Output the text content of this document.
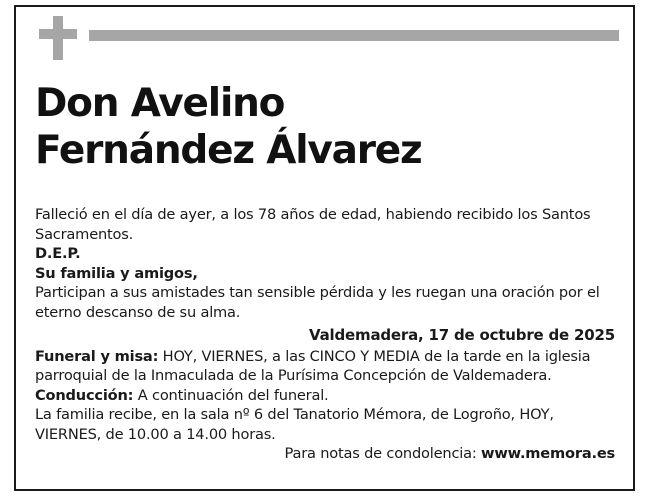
Don Avelino
Fernández Álvarez

Falleció en el día de ayer, a los 78 años de edad, habiendo recibido los Santos Sacramentos.

D.E.P.

Su familia y amigos,

Participan a sus amistades tan sensible pérdida y les ruegan una oración por el eterno descanso de su alma.

Valdemadera, 17 de octubre de 2025

Funeral y misa: HOY, VIERNES, a las CINCO Y MEDIA de la tarde en la iglesia parroquial de la Inmaculada de la Purísima Concepción de Valdemadera.

Conducción: A continuación del funeral.

La familia recibe, en la sala nº 6 del Tanatorio Mémora, de Logroño, HOY, VIERNES, de 10.00 a 14.00 horas.

Para notas de condolencia: www.memora.es
